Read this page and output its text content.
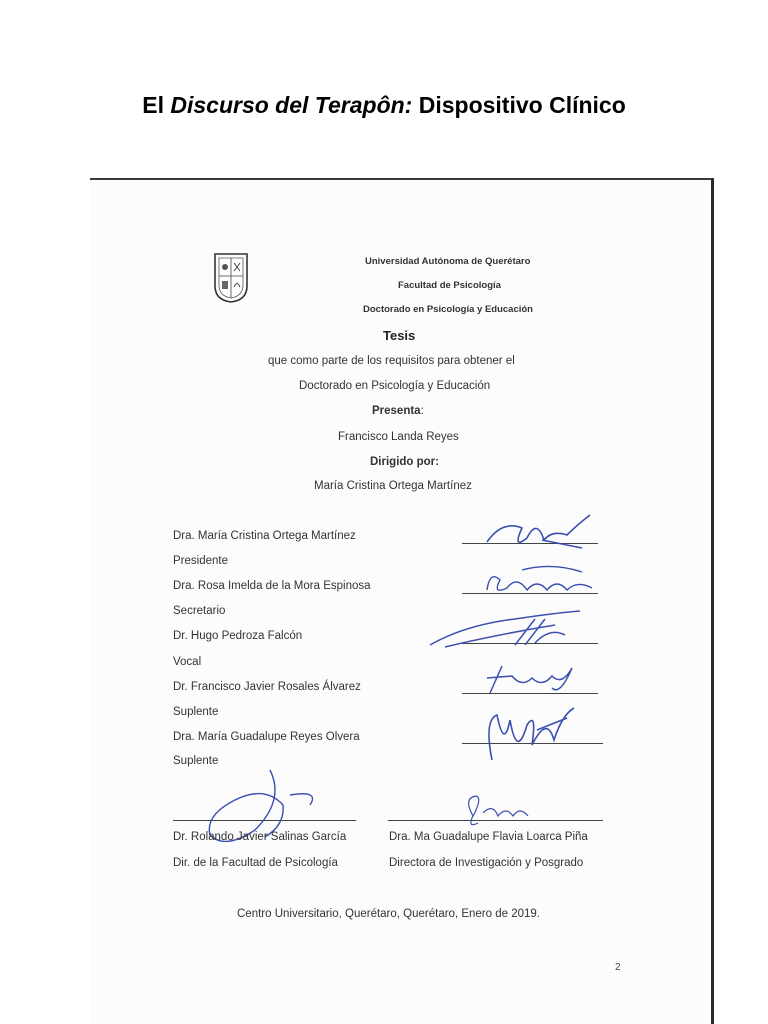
El Discurso del Terapôn: Dispositivo Clínico
Universidad Autónoma de Querétaro
Facultad de Psicología
Doctorado en Psicología y Educación
Tesis
que como parte de los requisitos para obtener el
Doctorado en Psicología y Educación
Presenta:
Francisco Landa Reyes
Dirigido por:
María Cristina Ortega Martínez
Dra. María Cristina Ortega Martínez
Presidente
Dra. Rosa Imelda de la Mora Espinosa
Secretario
Dr. Hugo Pedroza Falcón
Vocal
Dr. Francisco Javier Rosales Álvarez
Suplente
Dra. María Guadalupe Reyes Olvera
Suplente
Dr. Rolando Javier Salinas García
Dir. de la Facultad de Psicología
Dra. Ma Guadalupe Flavia Loarca Piña
Directora de Investigación y Posgrado
Centro Universitario, Querétaro, Querétaro, Enero de 2019.
2
